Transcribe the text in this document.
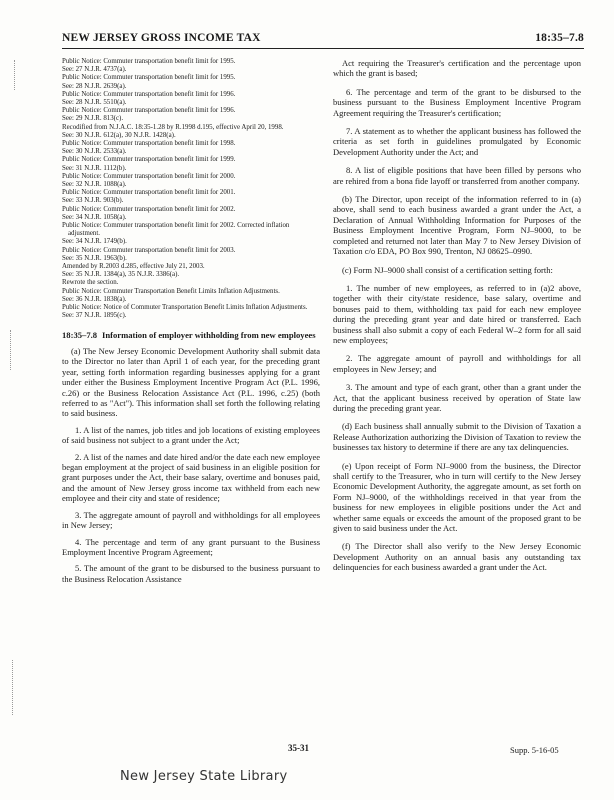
NEW JERSEY GROSS INCOME TAX	18:35–7.8

Public Notice: Commuter transportation benefit limit for 1995.

See: 27 N.J.R. 4737(a).

Public Notice: Commuter transportation benefit limit for 1995.

See: 28 N.J.R. 2639(a).

Public Notice: Commuter transportation benefit limit for 1996.

See: 28 N.J.R. 5510(a).

Public Notice: Commuter transportation benefit limit for 1996.

See: 29 N.J.R. 813(c).

Recodified from N.J.A.C. 18:35-1.28 by R.1998 d.195, effective April 20, 1998.

See: 30 N.J.R. 612(a), 30 N.J.R. 1428(a).

Public Notice: Commuter transportation benefit limit for 1998.

See: 30 N.J.R. 2533(a).

Public Notice: Commuter transportation benefit limit for 1999.

See: 31 N.J.R. 1112(b).

Public Notice: Commuter transportation benefit limit for 2000.

See: 32 N.J.R. 1088(a).

Public Notice: Commuter transportation benefit limit for 2001.

See: 33 N.J.R. 903(b).

Public Notice: Commuter transportation benefit limit for 2002.

See: 34 N.J.R. 1058(a).

Public Notice: Commuter transportation benefit limit for 2002. Corrected inflation adjustment.

See: 34 N.J.R. 1749(b).

Public Notice: Commuter transportation benefit limit for 2003.

See: 35 N.J.R. 1963(b).

Amended by R.2003 d.285, effective July 21, 2003.

See: 35 N.J.R. 1384(a), 35 N.J.R. 3386(a).

Rewrote the section.

Public Notice: Commuter Transportation Benefit Limits Inflation Adjustments.

See: 36 N.J.R. 1838(a).

Public Notice: Notice of Commuter Transportation Benefit Limits Inflation Adjustments.

See: 37 N.J.R. 1895(c).

18:35–7.8 Information of employer withholding from new employees

(a) The New Jersey Economic Development Authority shall submit data to the Director no later than April 1 of each year, for the preceding grant year, setting forth information regarding businesses applying for a grant under either the Business Employment Incentive Program Act (P.L. 1996, c.26) or the Business Relocation Assistance Act (P.L. 1996, c.25) (both referred to as "Act"). This information shall set forth the following relating to said business.

1. A list of the names, job titles and job locations of existing employees of said business not subject to a grant under the Act;

2. A list of the names and date hired and/or the date each new employee began employment at the project of said business in an eligible position for grant purposes under the Act, their base salary, overtime and bonuses paid, and the amount of New Jersey gross income tax withheld from each new employee and their city and state of residence;

3. The aggregate amount of payroll and withholdings for all employees in New Jersey;

4. The percentage and term of any grant pursuant to the Business Employment Incentive Program Agreement;

5. The amount of the grant to be disbursed to the business pursuant to the Business Relocation Assistance

Act requiring the Treasurer's certification and the percentage upon which the grant is based;

6. The percentage and term of the grant to be disbursed to the business pursuant to the Business Employment Incentive Program Agreement requiring the Treasurer's certification;

7. A statement as to whether the applicant business has followed the criteria as set forth in guidelines promulgated by Economic Development Authority under the Act; and

8. A list of eligible positions that have been filled by persons who are rehired from a bona fide layoff or transferred from another company.

(b) The Director, upon receipt of the information referred to in (a) above, shall send to each business awarded a grant under the Act, a Declaration of Annual Withholding Information for Purposes of the Business Employment Incentive Program, Form NJ–9000, to be completed and returned not later than May 7 to New Jersey Division of Taxation c/o EDA, PO Box 990, Trenton, NJ 08625–0990.

(c) Form NJ–9000 shall consist of a certification setting forth:

1. The number of new employees, as referred to in (a)2 above, together with their city/state residence, base salary, overtime and bonuses paid to them, withholding tax paid for each new employee during the preceding grant year and date hired or transferred. Each business shall also submit a copy of each Federal W–2 form for all said new employees;

2. The aggregate amount of payroll and withholdings for all employees in New Jersey; and

3. The amount and type of each grant, other than a grant under the Act, that the applicant business received by operation of State law during the preceding grant year.

(d) Each business shall annually submit to the Division of Taxation a Release Authorization authorizing the Division of Taxation to review the businesses tax history to determine if there are any tax delinquencies.

(e) Upon receipt of Form NJ–9000 from the business, the Director shall certify to the Treasurer, who in turn will certify to the New Jersey Economic Development Authority, the aggregate amount, as set forth on Form NJ–9000, of the withholdings received in that year from the business for new employees in eligible positions under the Act and whether same equals or exceeds the amount of the proposed grant to be given to said business under the Act.

(f) The Director shall also verify to the New Jersey Economic Development Authority on an annual basis any outstanding tax delinquencies for each business awarded a grant under the Act.

35-31	Supp. 5-16-05
New Jersey State Library
